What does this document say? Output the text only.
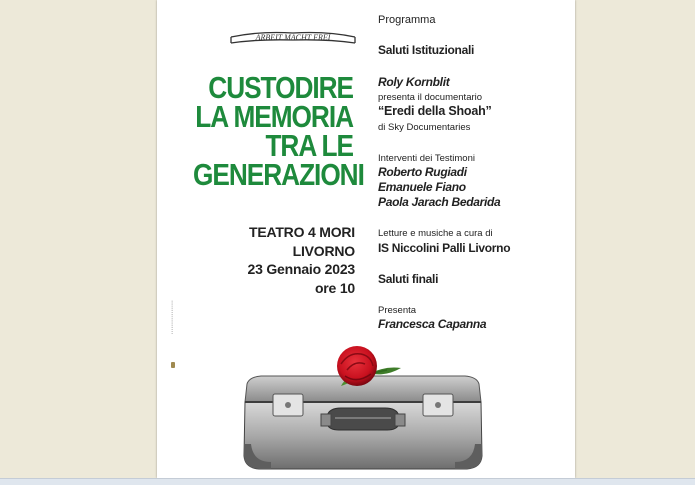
ARBEIT MACHT FREI
CUSTODIRE
LA MEMORIA
TRA LE
GENERAZIONI
TEATRO 4 MORI
LIVORNO
23 Gennaio 2023
ore 10
▪ ▪ ▪ ▪ ▪ ▪ ▪ ▪ ▪ ▪ ▪ ▪ ▪ ▪ ▪ ▪ ▪ ▪
Programma
Saluti Istituzionali
Roly Kornblit
presenta il documentario
“Eredi della Shoah”
di Sky Documentaries
Interventi dei Testimoni
Roberto Rugiadi
Emanuele Fiano
Paola Jarach Bedarida
Letture e musiche a cura di
IS Niccolini Palli Livorno
Saluti finali
Presenta
Francesca Capanna
